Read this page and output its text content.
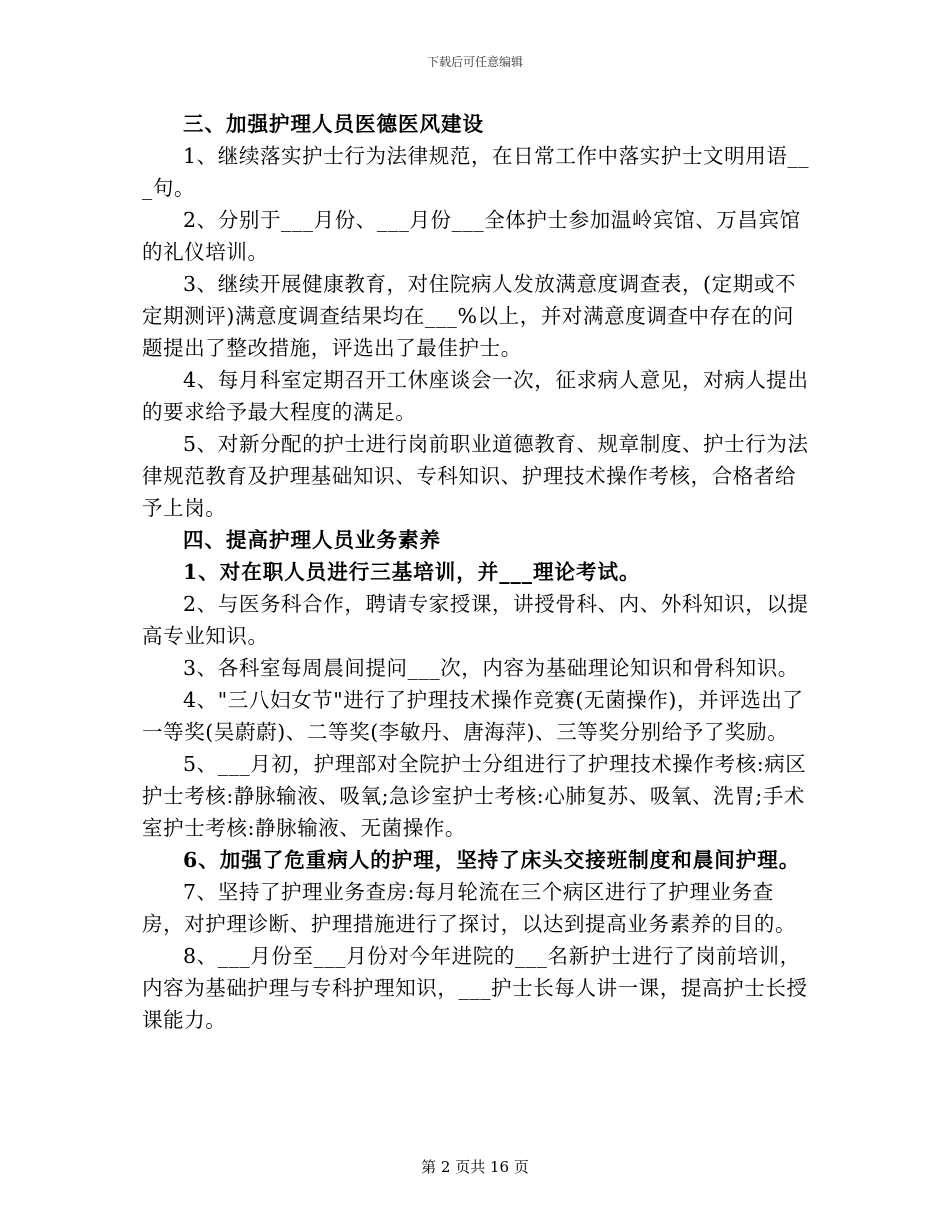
下载后可任意编辑

三、加强护理人员医德医风建设

1、继续落实护士行为法律规范，在日常工作中落实护士文明用语___句。

2、分别于___月份、___月份___全体护士参加温岭宾馆、万昌宾馆的礼仪培训。

3、继续开展健康教育，对住院病人发放满意度调查表，(定期或不定期测评)满意度调查结果均在___%以上，并对满意度调查中存在的问题提出了整改措施，评选出了最佳护士。

4、每月科室定期召开工休座谈会一次，征求病人意见，对病人提出的要求给予最大程度的满足。

5、对新分配的护士进行岗前职业道德教育、规章制度、护士行为法律规范教育及护理基础知识、专科知识、护理技术操作考核，合格者给予上岗。

四、提高护理人员业务素养

1、对在职人员进行三基培训，并___理论考试。

2、与医务科合作，聘请专家授课，讲授骨科、内、外科知识，以提高专业知识。

3、各科室每周晨间提问___次，内容为基础理论知识和骨科知识。

4、"三八妇女节"进行了护理技术操作竞赛(无菌操作)，并评选出了一等奖(吴蔚蔚)、二等奖(李敏丹、唐海萍)、三等奖分别给予了奖励。

5、___月初，护理部对全院护士分组进行了护理技术操作考核:病区护士考核:静脉输液、吸氧;急诊室护士考核:心肺复苏、吸氧、洗胃;手术室护士考核:静脉输液、无菌操作。

6、加强了危重病人的护理，坚持了床头交接班制度和晨间护理。

7、坚持了护理业务查房:每月轮流在三个病区进行了护理业务查房，对护理诊断、护理措施进行了探讨，以达到提高业务素养的目的。

8、___月份至___月份对今年进院的___名新护士进行了岗前培训，内容为基础护理与专科护理知识，___护士长每人讲一课，提高护士长授课能力。

第 2 页共 16 页
